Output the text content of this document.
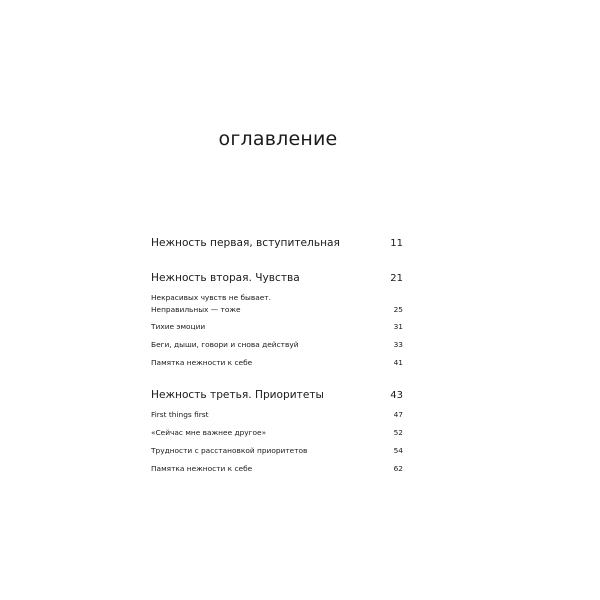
оглавление
Нежность первая, вступительная	11
Нежность вторая. Чувства	21
Некрасивых чувств не бывает.
Неправильных — тоже	25
Тихие эмоции	31
Беги, дыши, говори и снова действуй	33
Памятка нежности к себе	41
Нежность третья. Приоритеты	43
First things first	47
«Сейчас мне важнее другое»	52
Трудности с расстановкой приоритетов	54
Памятка нежности к себе	62
